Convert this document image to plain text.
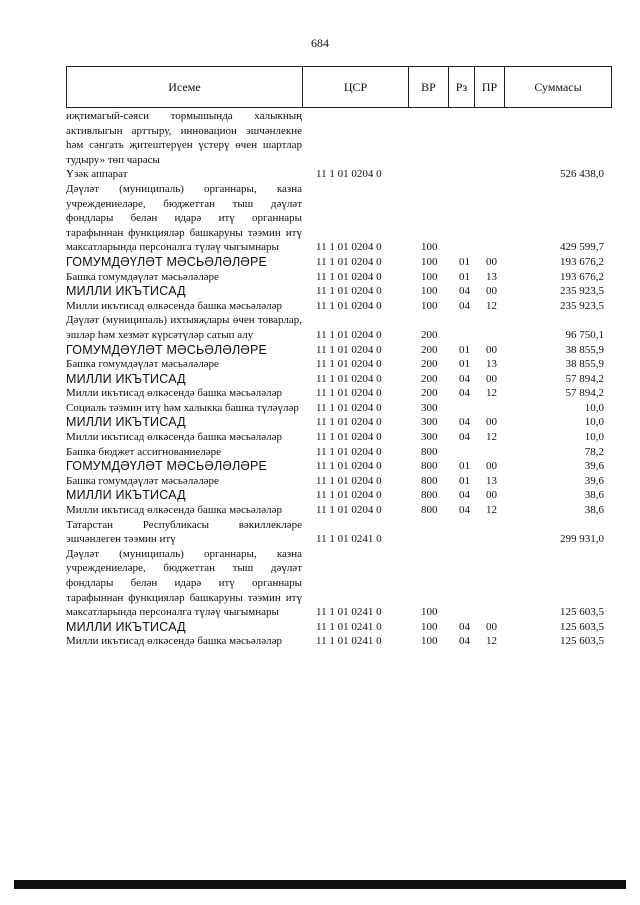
684
Исеме	ЦСР	ВР	Рз	ПР	Суммасы
иҗтимагый-сәяси тормышында халыкның активлыгын арттыру, инновацион эшчәнлекне һәм сәнгать җитештерүен үстерү өчен шартлар тудыру» төп чарасы
Үзәк аппарат	11 1 01 0204 0	526 438,0
Дәүләт (муниципаль) органнары, казна учреждениеләре, бюджеттан тыш дәүләт фондлары белән идарә итү органнары тарафыннан функцияләр башкаруны тәэмин итү максатларында персоналга түләү чыгымнары	11 1 01 0204 0	100	429 599,7
ГОМУМДӘҮЛӘТ МӘСЬӘЛӘЛӘРЕ	11 1 01 0204 0	100 01 00	193 676,2
Башка гомумдәүләт мәсьәләләре	11 1 01 0204 0	100 01 13	193 676,2
МИЛЛИ ИКЪТИСАД	11 1 01 0204 0	100 04 00	235 923,5
Милли икътисад өлкәсендә башка мәсьәләләр	11 1 01 0204 0	100 04 12	235 923,5
Дәүләт (муниципаль) ихтыяҗлары өчен товарлар, эшләр һәм хезмәт күрсәтүләр сатып алу	11 1 01 0204 0	200	96 750,1
ГОМУМДӘҮЛӘТ МӘСЬӘЛӘЛӘРЕ	11 1 01 0204 0	200 01 00	38 855,9
Башка гомумдәүләт мәсьәләләре	11 1 01 0204 0	200 01 13	38 855,9
МИЛЛИ ИКЪТИСАД	11 1 01 0204 0	200 04 00	57 894,2
Милли икътисад өлкәсендә башка мәсьәләләр	11 1 01 0204 0	200 04 12	57 894,2
Социаль тәэмин итү һәм халыкка башка түләүләр 11 1 01 0204 0	300	10,0
МИЛЛИ ИКЪТИСАД	11 1 01 0204 0	300 04 00	10,0
Милли икътисад өлкәсендә башка мәсьәләләр	11 1 01 0204 0	300 04 12	10,0
Башка бюджет ассигнованиеләре	11 1 01 0204 0	800	78,2
ГОМУМДӘҮЛӘТ МӘСЬӘЛӘЛӘРЕ	11 1 01 0204 0	800 01 00	39,6
Башка гомумдәүләт мәсьәләләре	11 1 01 0204 0	800 01 13	39,6
МИЛЛИ ИКЪТИСАД	11 1 01 0204 0	800 04 00	38,6
Милли икътисад өлкәсендә башка мәсьәләләр	11 1 01 0204 0	800 04 12	38,6
Татарстан Республикасы вәкиллекләре эшчәнлеген тәэмин итү	11 1 01 0241 0	299 931,0
Дәүләт (муниципаль) органнары, казна учреждениеләре, бюджеттан тыш дәүләт фондлары белән идарә итү органнары тарафыннан функцияләр башкаруны тәэмин итү максатларында персоналга түләү чыгымнары	11 1 01 0241 0	100	125 603,5
МИЛЛИ ИКЪТИСАД	11 1 01 0241 0	100 04 00	125 603,5
Милли икътисад өлкәсендә башка мәсьәләләр	11 1 01 0241 0	100 04 12	125 603,5
